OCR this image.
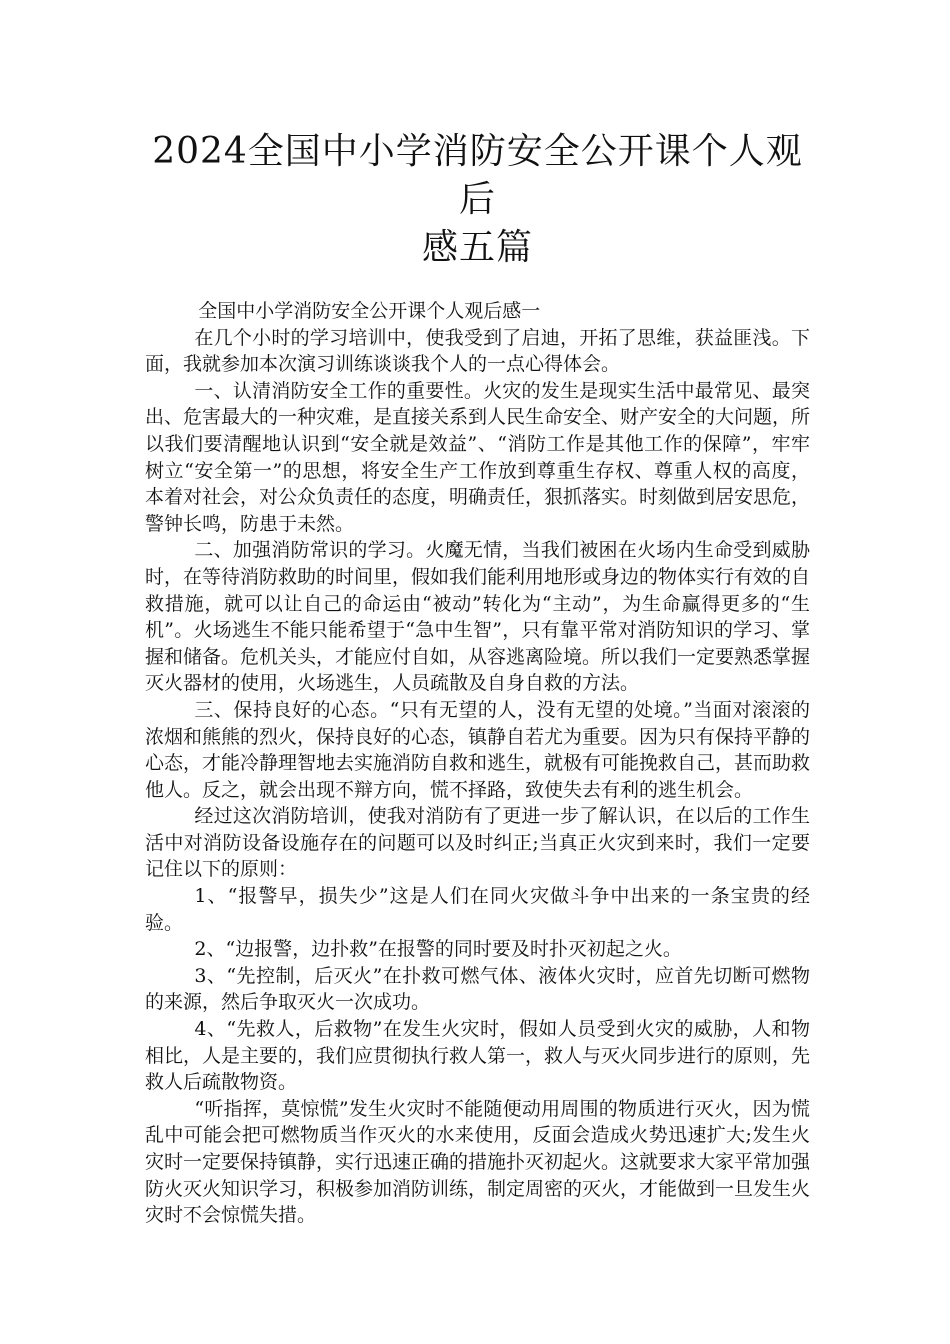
2024全国中小学消防安全公开课个人观后
感五篇

全国中小学消防安全公开课个人观后感一

在几个小时的学习培训中，使我受到了启迪，开拓了思维，获益匪浅。下面，我就参加本次演习训练谈谈我个人的一点心得体会。

一、认清消防安全工作的重要性。火灾的发生是现实生活中最常见、最突出、危害最大的一种灾难，是直接关系到人民生命安全、财产安全的大问题，所以我们要清醒地认识到“安全就是效益”、“消防工作是其他工作的保障”，牢牢树立“安全第一”的思想，将安全生产工作放到尊重生存权、尊重人权的高度，本着对社会，对公众负责任的态度，明确责任，狠抓落实。时刻做到居安思危，警钟长鸣，防患于未然。

二、加强消防常识的学习。火魔无情，当我们被困在火场内生命受到威胁时，在等待消防救助的时间里，假如我们能利用地形或身边的物体实行有效的自救措施，就可以让自己的命运由“被动”转化为“主动”，为生命赢得更多的“生机”。火场逃生不能只能希望于“急中生智”，只有靠平常对消防知识的学习、掌握和储备。危机关头，才能应付自如，从容逃离险境。所以我们一定要熟悉掌握灭火器材的使用，火场逃生，人员疏散及自身自救的方法。

三、保持良好的心态。“只有无望的人，没有无望的处境。”当面对滚滚的浓烟和熊熊的烈火，保持良好的心态，镇静自若尤为重要。因为只有保持平静的心态，才能冷静理智地去实施消防自救和逃生，就极有可能挽救自己，甚而助救他人。反之，就会出现不辩方向，慌不择路，致使失去有利的逃生机会。

经过这次消防培训，使我对消防有了更进一步了解认识，在以后的工作生活中对消防设备设施存在的问题可以及时纠正;当真正火灾到来时，我们一定要记住以下的原则：

1、“报警早，损失少”这是人们在同火灾做斗争中出来的一条宝贵的经验。

2、“边报警，边扑救”在报警的同时要及时扑灭初起之火。

3、“先控制，后灭火”在扑救可燃气体、液体火灾时，应首先切断可燃物的来源，然后争取灭火一次成功。

4、“先救人，后救物”在发生火灾时，假如人员受到火灾的威胁，人和物相比，人是主要的，我们应贯彻执行救人第一，救人与灭火同步进行的原则，先救人后疏散物资。

“听指挥，莫惊慌”发生火灾时不能随便动用周围的物质进行灭火，因为慌乱中可能会把可燃物质当作灭火的水来使用，反面会造成火势迅速扩大;发生火灾时一定要保持镇静，实行迅速正确的措施扑灭初起火。这就要求大家平常加强防火灭火知识学习，积极参加消防训练，制定周密的灭火，才能做到一旦发生火灾时不会惊慌失措。
